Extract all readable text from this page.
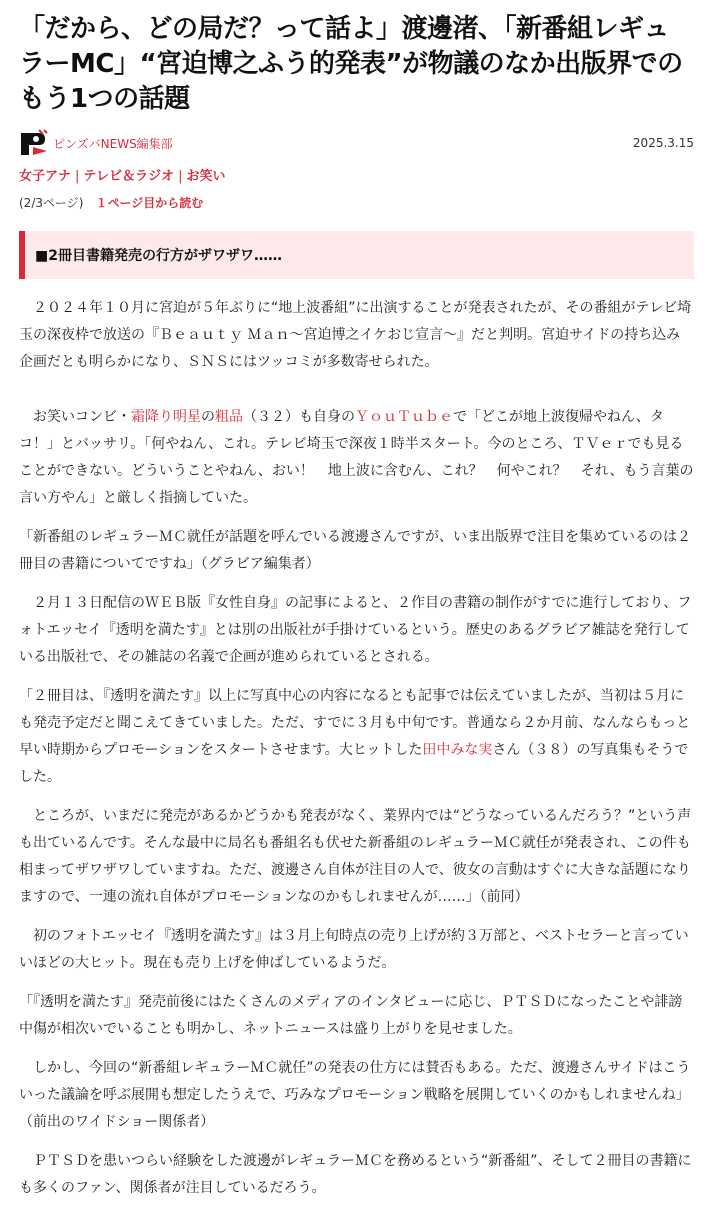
「だから、どの局だ？って話よ」渡邊渚、「新番組レギュラーMC」“宮迫博之ふう的発表”が物議のなか出版界でのもう1つの話題
ピンズバNEWS編集部	2025.3.15
女子アナ | テレビ＆ラジオ | お笑い
(2/3ページ) １ページ目から読む
■2冊目書籍発売の行方がザワザワ……

２０２４年１０月に宮迫が５年ぶりに“地上波番組”に出演することが発表されたが、その番組がテレビ埼玉の深夜枠で放送の『Ｂｅａｕｔｙ Ｍａｎ～宮迫博之イケおじ宣言～』だと判明。宮迫サイドの持ち込み企画だとも明らかになり、ＳＮＳにはツッコミが多数寄せられた。

お笑いコンビ・霜降り明星の粗品（３２）も自身のＹｏｕＴｕｂｅで「どこが地上波復帰やねん、タコ！」とバッサリ。「何やねん、これ。テレビ埼玉で深夜１時半スタート。今のところ、ＴＶｅｒでも見ることができない。どういうことやねん、おい！　地上波に含むん、これ？　何やこれ？　それ、もう言葉の言い方やん」と厳しく指摘していた。

「新番組のレギュラーＭＣ就任が話題を呼んでいる渡邊さんですが、いま出版界で注目を集めているのは２冊目の書籍についてですね」（グラビア編集者）

２月１３日配信のＷＥＢ版『女性自身』の記事によると、２作目の書籍の制作がすでに進行しており、フォトエッセイ『透明を満たす』とは別の出版社が手掛けているという。歴史のあるグラビア雑誌を発行している出版社で、その雑誌の名義で企画が進められているとされる。

「２冊目は、『透明を満たす』以上に写真中心の内容になるとも記事では伝えていましたが、当初は５月にも発売予定だと聞こえてきていました。ただ、すでに３月も中旬です。普通なら２か月前、なんならもっと早い時期からプロモーションをスタートさせます。大ヒットした田中みな実さん（３８）の写真集もそうでした。

ところが、いまだに発売があるかどうかも発表がなく、業界内では“どうなっているんだろう？”という声も出ているんです。そんな最中に局名も番組名も伏せた新番組のレギュラーＭＣ就任が発表され、この件も相まってザワザワしていますね。ただ、渡邊さん自体が注目の人で、彼女の言動はすぐに大きな話題になりますので、一連の流れ自体がプロモーションなのかもしれませんが……」（前同）

初のフォトエッセイ『透明を満たす』は３月上旬時点の売り上げが約３万部と、ベストセラーと言っていいほどの大ヒット。現在も売り上げを伸ばしているようだ。

「『透明を満たす』発売前後にはたくさんのメディアのインタビューに応じ、ＰＴＳＤになったことや誹謗中傷が相次いでいることも明かし、ネットニュースは盛り上がりを見せました。

しかし、今回の“新番組レギュラーＭＣ就任”の発表の仕方には賛否もある。ただ、渡邊さんサイドはこういった議論を呼ぶ展開も想定したうえで、巧みなプロモーション戦略を展開していくのかもしれませんね」（前出のワイドショー関係者）

ＰＴＳＤを患いつらい経験をした渡邊がレギュラーＭＣを務めるという“新番組”、そして２冊目の書籍にも多くのファン、関係者が注目しているだろう。
